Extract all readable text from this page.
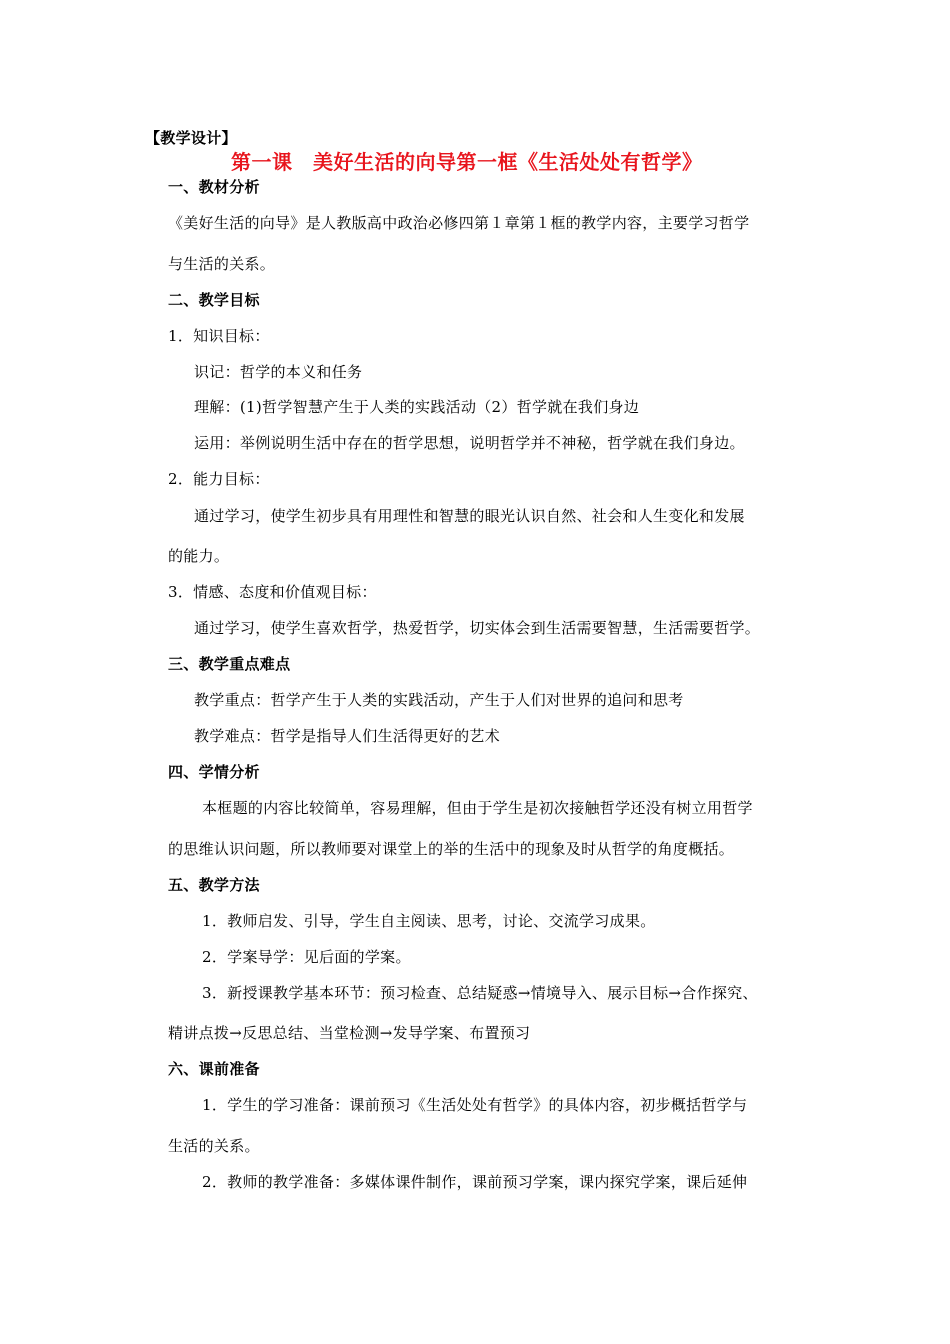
【教学设计】
第一课　美好生活的向导第一框《生活处处有哲学》
一、教材分析
《美好生活的向导》是人教版高中政治必修四第１章第１框的教学内容，主要学习哲学
与生活的关系。
二、教学目标
1．知识目标：
识记：哲学的本义和任务
理解：(1)哲学智慧产生于人类的实践活动（2）哲学就在我们身边
运用：举例说明生活中存在的哲学思想，说明哲学并不神秘，哲学就在我们身边。
2．能力目标：
通过学习，使学生初步具有用理性和智慧的眼光认识自然、社会和人生变化和发展
的能力。
3．情感、态度和价值观目标：
通过学习，使学生喜欢哲学，热爱哲学，切实体会到生活需要智慧，生活需要哲学。
三、教学重点难点
教学重点：哲学产生于人类的实践活动，产生于人们对世界的追问和思考
教学难点：哲学是指导人们生活得更好的艺术
四、学情分析
本框题的内容比较简单，容易理解，但由于学生是初次接触哲学还没有树立用哲学
的思维认识问题，所以教师要对课堂上的举的生活中的现象及时从哲学的角度概括。
五、教学方法
1．教师启发、引导，学生自主阅读、思考，讨论、交流学习成果。
2．学案导学：见后面的学案。
3．新授课教学基本环节：预习检查、总结疑惑→情境导入、展示目标→合作探究、
精讲点拨→反思总结、当堂检测→发导学案、布置预习
六、课前准备
1．学生的学习准备：课前预习《生活处处有哲学》的具体内容，初步概括哲学与
生活的关系。
2．教师的教学准备：多媒体课件制作，课前预习学案，课内探究学案，课后延伸
